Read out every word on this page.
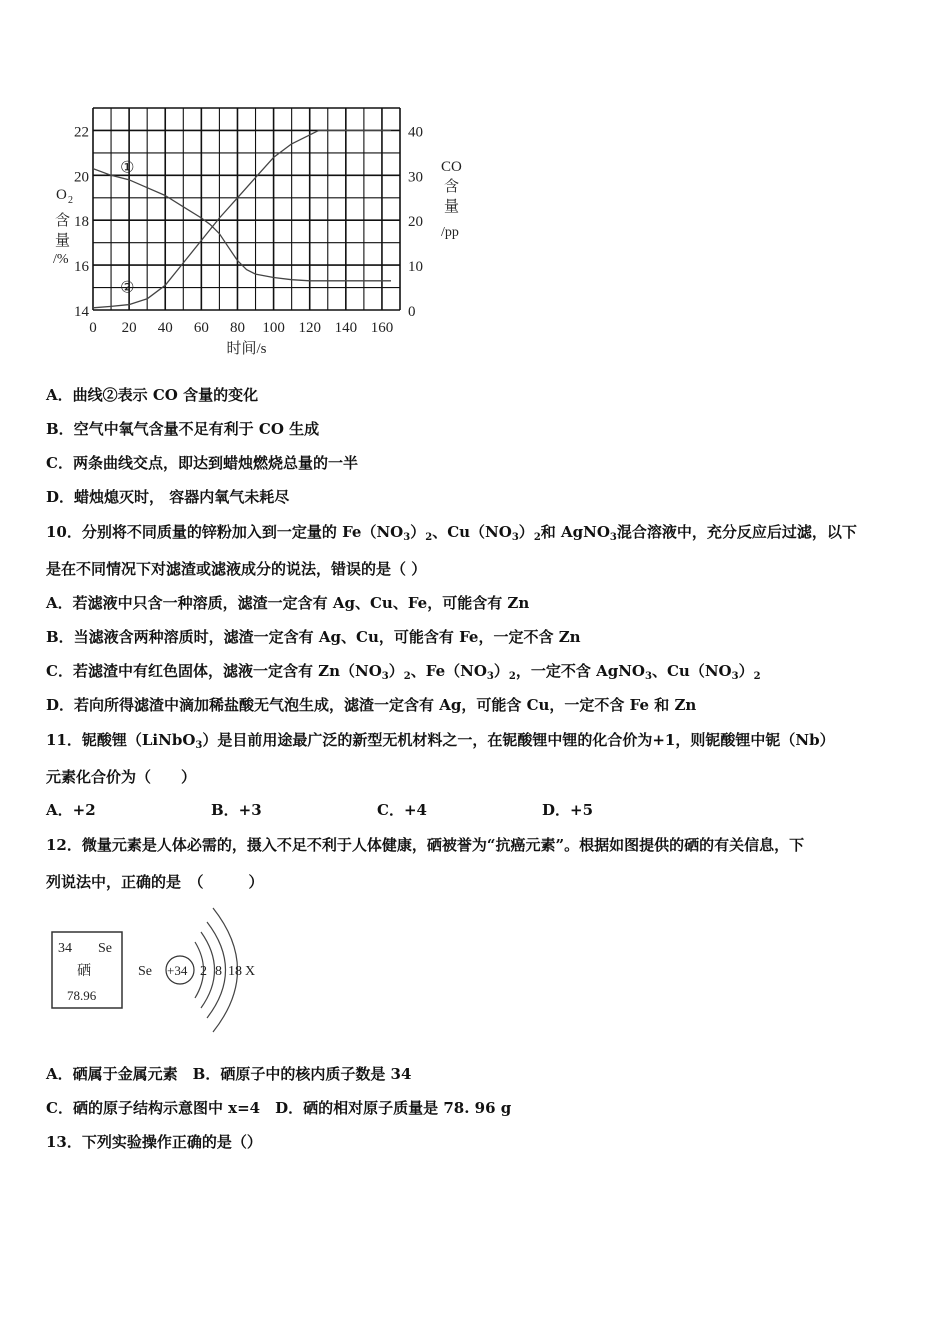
0 20 40 60 80 100 120 140 160
14
16
18
20
22
0
10
20
30
40
O 2
含
量
/%
CO
含
量
/pp
时间/s
①
②
A．曲线②表示 CO 含量的变化
B．空气中氧气含量不足有利于 CO 生成
C．两条曲线交点，即达到蜡烛燃烧总量的一半
D．蜡烛熄灭时， 容器内氧气未耗尽
10．分别将不同质量的锌粉加入到一定量的 $Fe(NO_3)_2$、$Cu(NO_3)_2$和 AgNO$_3$混合溶液中，充分反应后过滤，以下
是在不同情况下对滤渣或滤液成分的说法，错误的是（ ）
A．若滤液中只含一种溶质，滤渣一定含有 Ag、Cu、Fe，可能含有 Zn
B．当滤液含两种溶质时，滤渣一定含有 Ag、Cu，可能含有 Fe，一定不含 Zn
C．若滤渣中有红色固体，滤液一定含有 $Zn(NO_3)_2$、$Fe(NO_3)_2$，一定不含 AgNO$_3$、$Cu(NO_3)_2$
D．若向所得滤渣中滴加稀盐酸无气泡生成，滤渣一定含有 Ag，可能含 Cu，一定不含 Fe 和 Zn
11．铌酸锂（LiNbO$_3$）是目前用途最广泛的新型无机材料之一，在铌酸锂中锂的化合价为+1，则铌酸锂中铌（Nb）
元素化合价为（　　）
A．+2	B．+3	C．+4	D．+5
12．微量元素是人体必需的，摄入不足不利于人体健康，硒被誉为“抗癌元素”。根据如图提供的硒的有关信息，下
列说法中，正确的是　（　　　）
34 Se
硒
78.96
Se +34 2 8 18 X
A．硒属于金属元素　B．硒原子中的核内质子数是 34
C．硒的原子结构示意图中 x=4　D．硒的相对原子质量是 78. 96 g
13．下列实验操作正确的是（）
